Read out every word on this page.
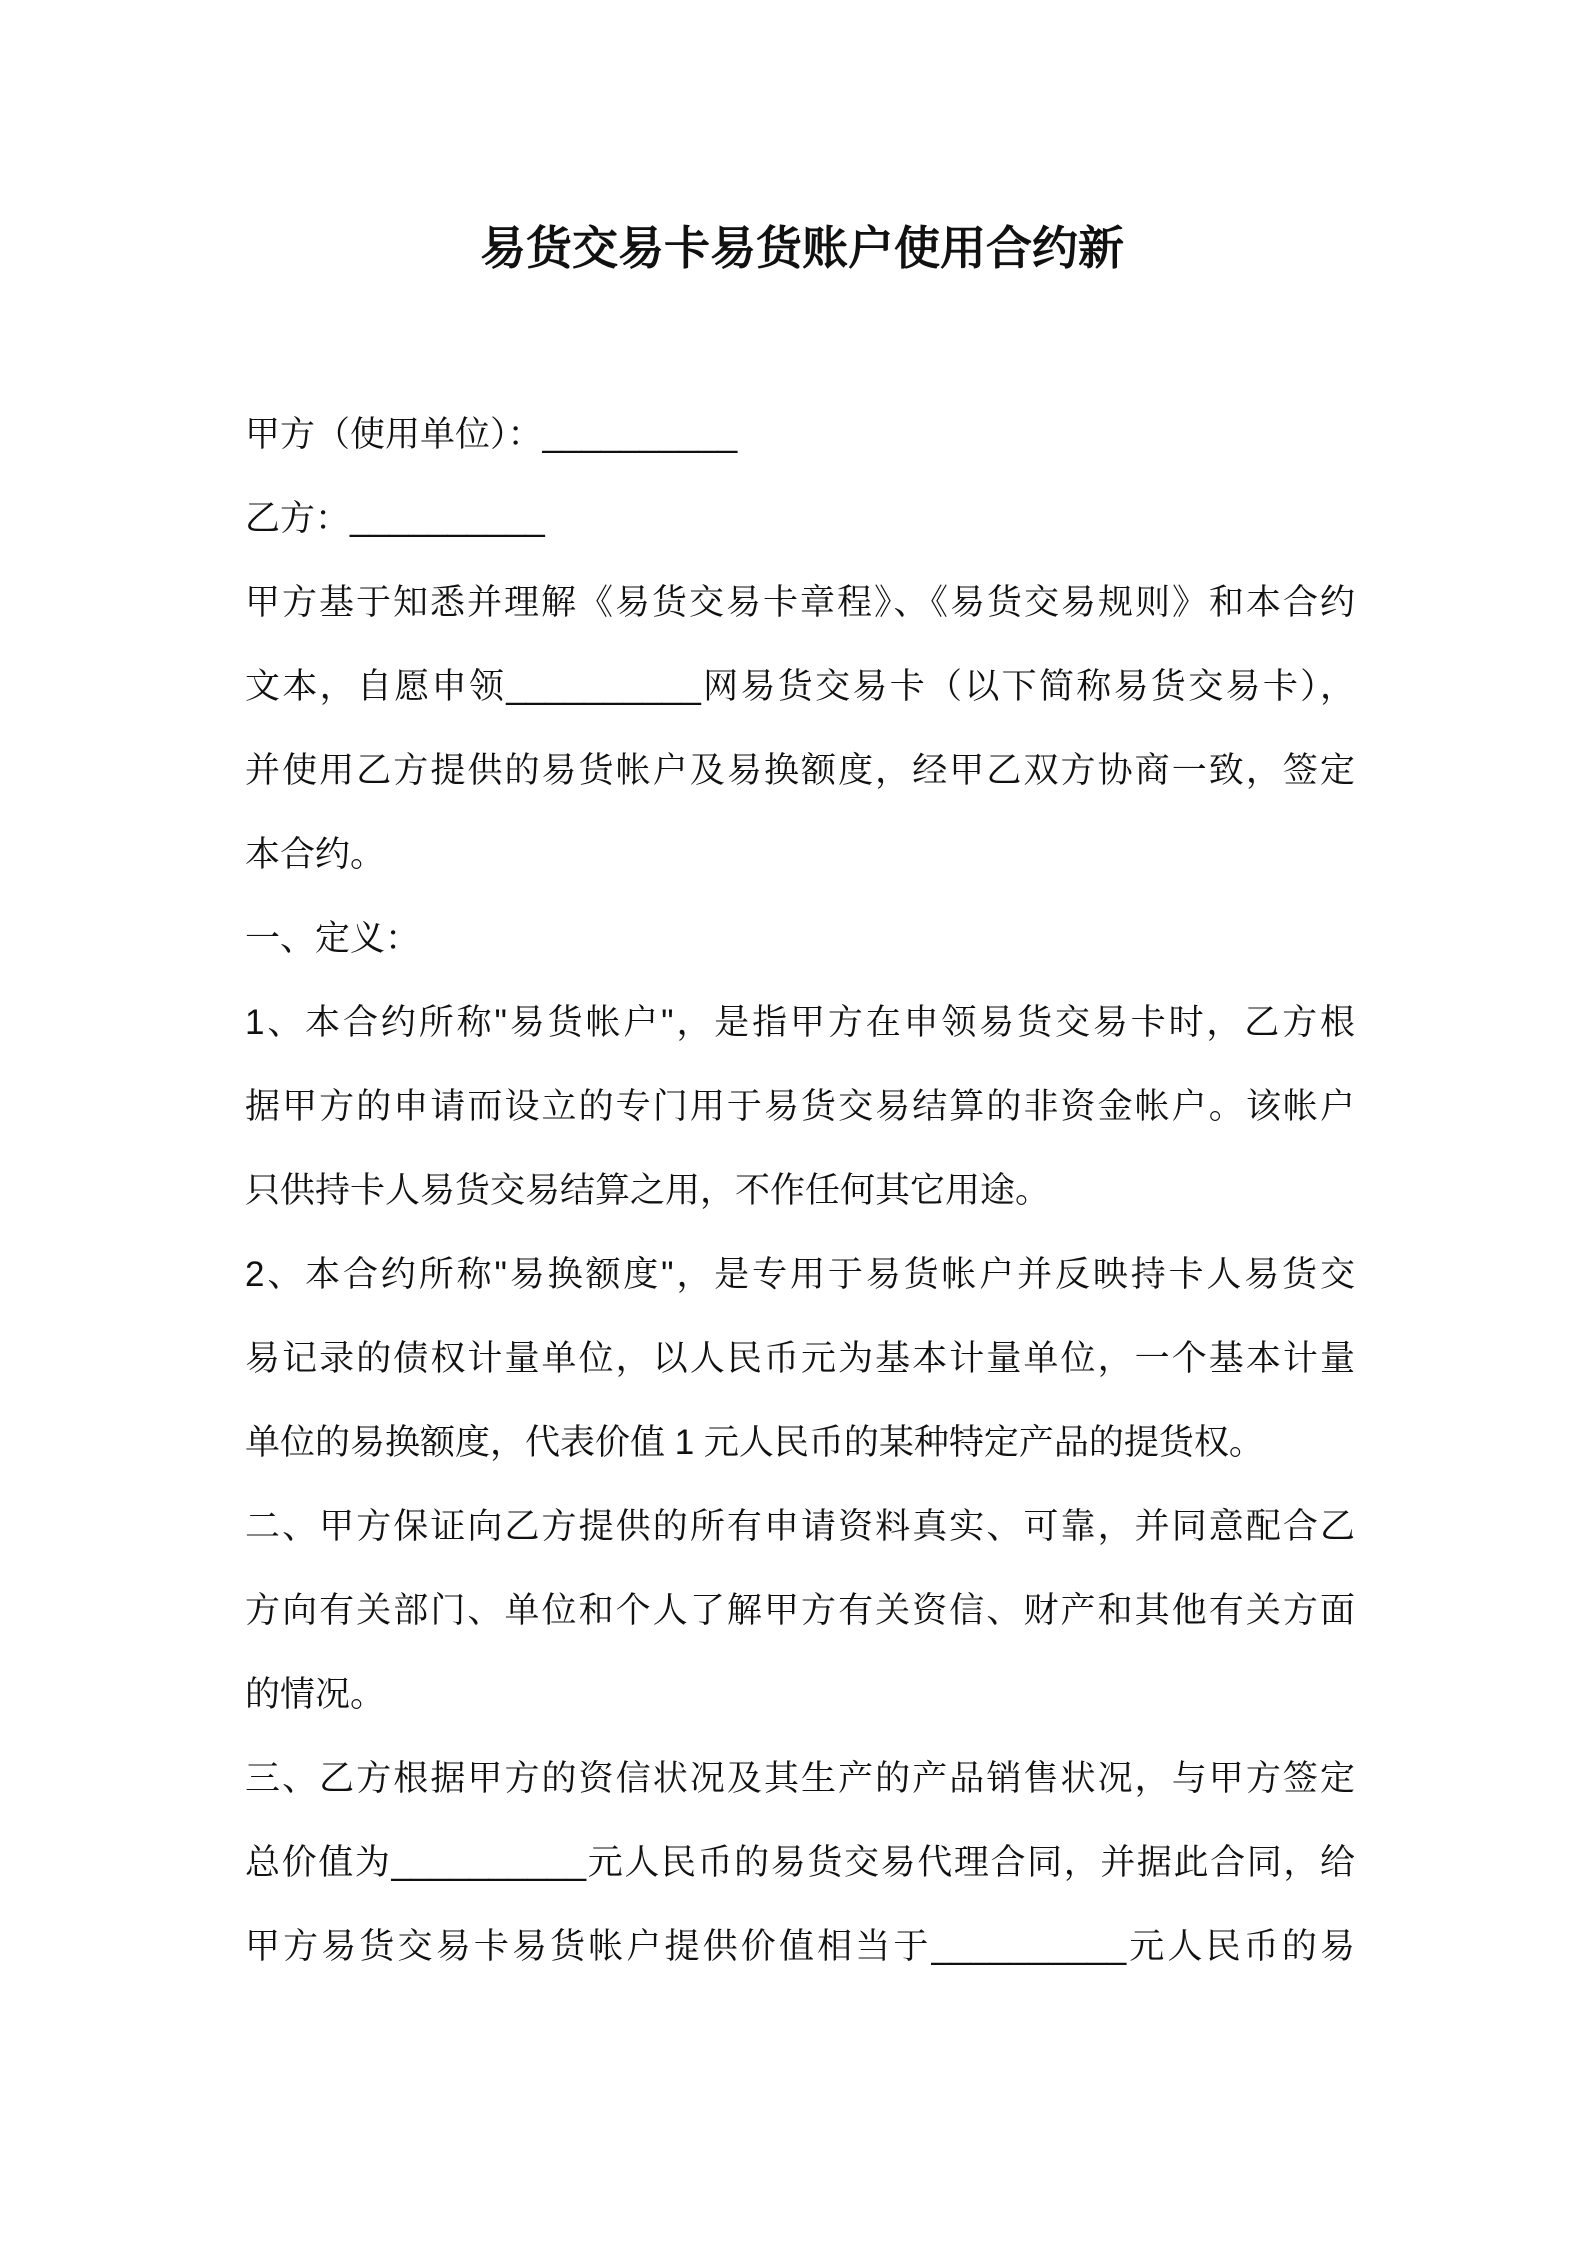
易货交易卡易货账户使用合约新
甲方（使用单位）：__________
乙方：__________
甲方基于知悉并理解《易货交易卡章程》、《易货交易规则》和本合约
文本，自愿申领__________网易货交易卡（以下简称易货交易卡），
并使用乙方提供的易货帐户及易换额度，经甲乙双方协商一致，签定
本合约。
一、定义：
1、本合约所称"易货帐户"，是指甲方在申领易货交易卡时，乙方根
据甲方的申请而设立的专门用于易货交易结算的非资金帐户。该帐户
只供持卡人易货交易结算之用，不作任何其它用途。
2、本合约所称"易换额度"，是专用于易货帐户并反映持卡人易货交
易记录的债权计量单位，以人民币元为基本计量单位，一个基本计量
单位的易换额度，代表价值 1 元人民币的某种特定产品的提货权。
二、甲方保证向乙方提供的所有申请资料真实、可靠，并同意配合乙
方向有关部门、单位和个人了解甲方有关资信、财产和其他有关方面
的情况。
三、乙方根据甲方的资信状况及其生产的产品销售状况，与甲方签定
总价值为__________元人民币的易货交易代理合同，并据此合同，给
甲方易货交易卡易货帐户提供价值相当于__________元人民币的易
